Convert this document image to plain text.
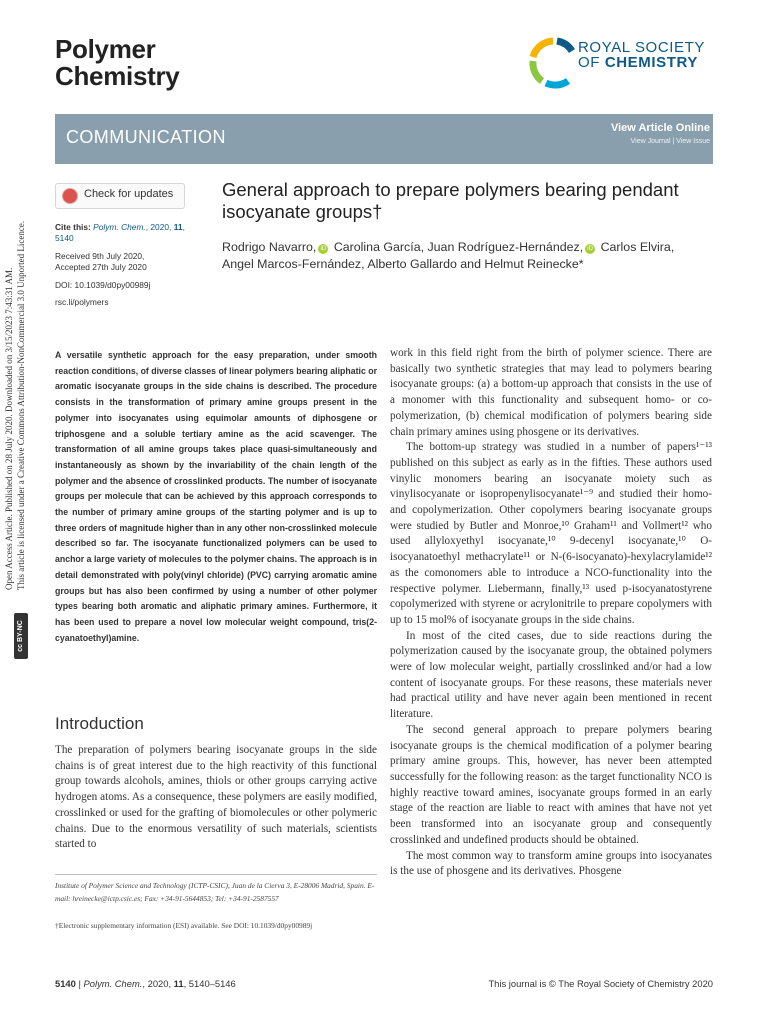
Polymer
Chemistry
ROYAL SOCIETY
OF CHEMISTRY
COMMUNICATION	View Article Online
View Journal | View Issue
Open Access Article. Published on 28 July 2020. Downloaded on 3/15/2023 7:43:31 AM. This article is licensed under a Creative Commons Attribution-NonCommercial 3.0 Unported Licence.
cc BY-NC
Check for updates
Cite this: Polym. Chem., 2020, 11, 5140
Received 9th July 2020,
Accepted 27th July 2020
DOI: 10.1039/d0py00989j
rsc.li/polymers
General approach to prepare polymers bearing pendant isocyanate groups†
Rodrigo Navarro, iD Carolina García, Juan Rodríguez-Hernández, iD Carlos Elvira,
Angel Marcos-Fernández, Alberto Gallardo and Helmut Reinecke*
A versatile synthetic approach for the easy preparation, under smooth reaction conditions, of diverse classes of linear polymers bearing aliphatic or aromatic isocyanate groups in the side chains is described. The procedure consists in the transformation of primary amine groups present in the polymer into isocyanates using equimolar amounts of diphosgene or triphosgene and a soluble tertiary amine as the acid scavenger. The transformation of all amine groups takes place quasi-simultaneously and instantaneously as shown by the invariability of the chain length of the polymer and the absence of crosslinked products. The number of isocyanate groups per molecule that can be achieved by this approach corresponds to the number of primary amine groups of the starting polymer and is up to three orders of magnitude higher than in any other non-crosslinked molecule described so far. The isocyanate functionalized polymers can be used to anchor a large variety of molecules to the polymer chains. The approach is in detail demonstrated with poly(vinyl chloride) (PVC) carrying aromatic amine groups but has also been confirmed by using a number of other polymer types bearing both aromatic and aliphatic primary amines. Furthermore, it has been used to prepare a novel low molecular weight compound, tris(2-cyanatoethyl)amine.
Introduction
The preparation of polymers bearing isocyanate groups in the side chains is of great interest due to the high reactivity of this functional group towards alcohols, amines, thiols or other groups carrying active hydrogen atoms. As a consequence, these polymers are easily modified, crosslinked or used for the grafting of biomolecules or other polymeric chains. Due to the enormous versatility of such materials, scientists started to
Institute of Polymer Science and Technology (ICTP-CSIC), Juan de la Cierva 3, E-28006 Madrid, Spain. E-mail: hreinecke@ictp.csic.es; Fax: +34-91-5644853; Tel: +34-91-2587557
†Electronic supplementary information (ESI) available. See DOI: 10.1039/d0py00989j

work in this field right from the birth of polymer science. There are basically two synthetic strategies that may lead to polymers bearing isocyanate groups: (a) a bottom-up approach that consists in the use of a monomer with this functionality and subsequent homo- or co-polymerization, (b) chemical modification of polymers bearing side chain primary amines using phosgene or its derivatives.

The bottom-up strategy was studied in a number of papers¹⁻¹³ published on this subject as early as in the fifties. These authors used vinylic monomers bearing an isocyanate moiety such as vinylisocyanate or isopropenylisocyanate¹⁻⁹ and studied their homo- and copolymerization. Other copolymers bearing isocyanate groups were studied by Butler and Monroe,¹⁰ Graham¹¹ and Vollmert¹² who used allyloxyethyl isocyanate,¹⁰ 9-decenyl isocyanate,¹⁰ O-isocyanatoethyl methacrylate¹¹ or N-(6-isocyanato)-hexylacrylamide¹² as the comonomers able to introduce a NCO-functionality into the respective polymer. Liebermann, finally,¹³ used p-isocyanatostyrene copolymerized with styrene or acrylonitrile to prepare copolymers with up to 15 mol% of isocyanate groups in the side chains.

In most of the cited cases, due to side reactions during the polymerization caused by the isocyanate group, the obtained polymers were of low molecular weight, partially crosslinked and/or had a low content of isocyanate groups. For these reasons, these materials never had practical utility and have never again been mentioned in recent literature.

The second general approach to prepare polymers bearing isocyanate groups is the chemical modification of a polymer bearing primary amine groups. This, however, has never been attempted successfully for the following reason: as the target functionality NCO is highly reactive toward amines, isocyanate groups formed in an early stage of the reaction are liable to react with amines that have not yet been transformed into an isocyanate group and consequently crosslinked and undefined products should be obtained.

The most common way to transform amine groups into isocyanates is the use of phosgene and its derivatives. Phosgene

5140 | Polym. Chem., 2020, 11, 5140–5146	This journal is © The Royal Society of Chemistry 2020
